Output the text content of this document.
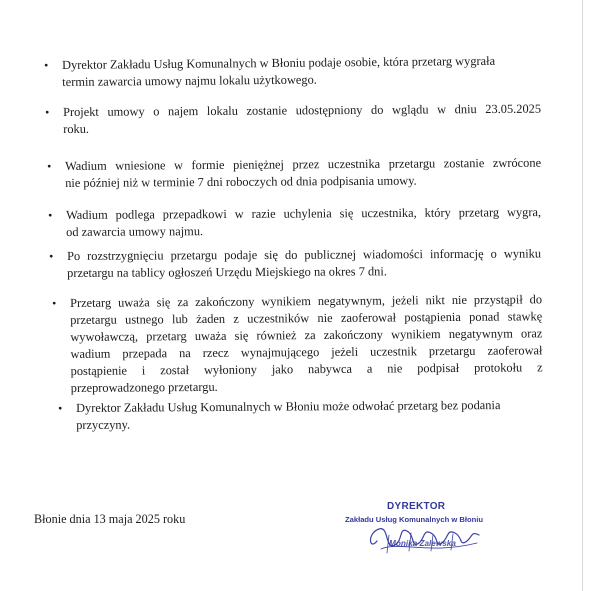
• Dyrektor Zakładu Usług Komunalnych w Błoniu podaje osobie, która przetarg wygrała
termin zawarcia umowy najmu lokalu użytkowego.
• Projekt umowy o najem lokalu zostanie udostępniony do wglądu w dniu 23.05.2025
roku.
• Wadium wniesione w formie pieniężnej przez uczestnika przetargu zostanie zwrócone
nie później niż w terminie 7 dni roboczych od dnia podpisania umowy.
• Wadium podlega przepadkowi w razie uchylenia się uczestnika, który przetarg wygra,
od zawarcia umowy najmu.
• Po rozstrzygnięciu przetargu podaje się do publicznej wiadomości informację o wyniku
przetargu na tablicy ogłoszeń Urzędu Miejskiego na okres 7 dni.
• Przetarg uważa się za zakończony wynikiem negatywnym, jeżeli nikt nie przystąpił do
przetargu ustnego lub żaden z uczestników nie zaoferował postąpienia ponad stawkę
wywoławczą, przetarg uważa się również za zakończony wynikiem negatywnym oraz
wadium przepada na rzecz wynajmującego jeżeli uczestnik przetargu zaoferował
postąpienie i został wyłoniony jako nabywca a nie podpisał protokołu z
przeprowadzonego przetargu.
• Dyrektor Zakładu Usług Komunalnych w Błoniu może odwołać przetarg bez podania
przyczyny.
Błonie dnia 13 maja 2025 roku
DYREKTOR
Zakładu Usług Komunalnych w Błoniu
Monika Zalewska
